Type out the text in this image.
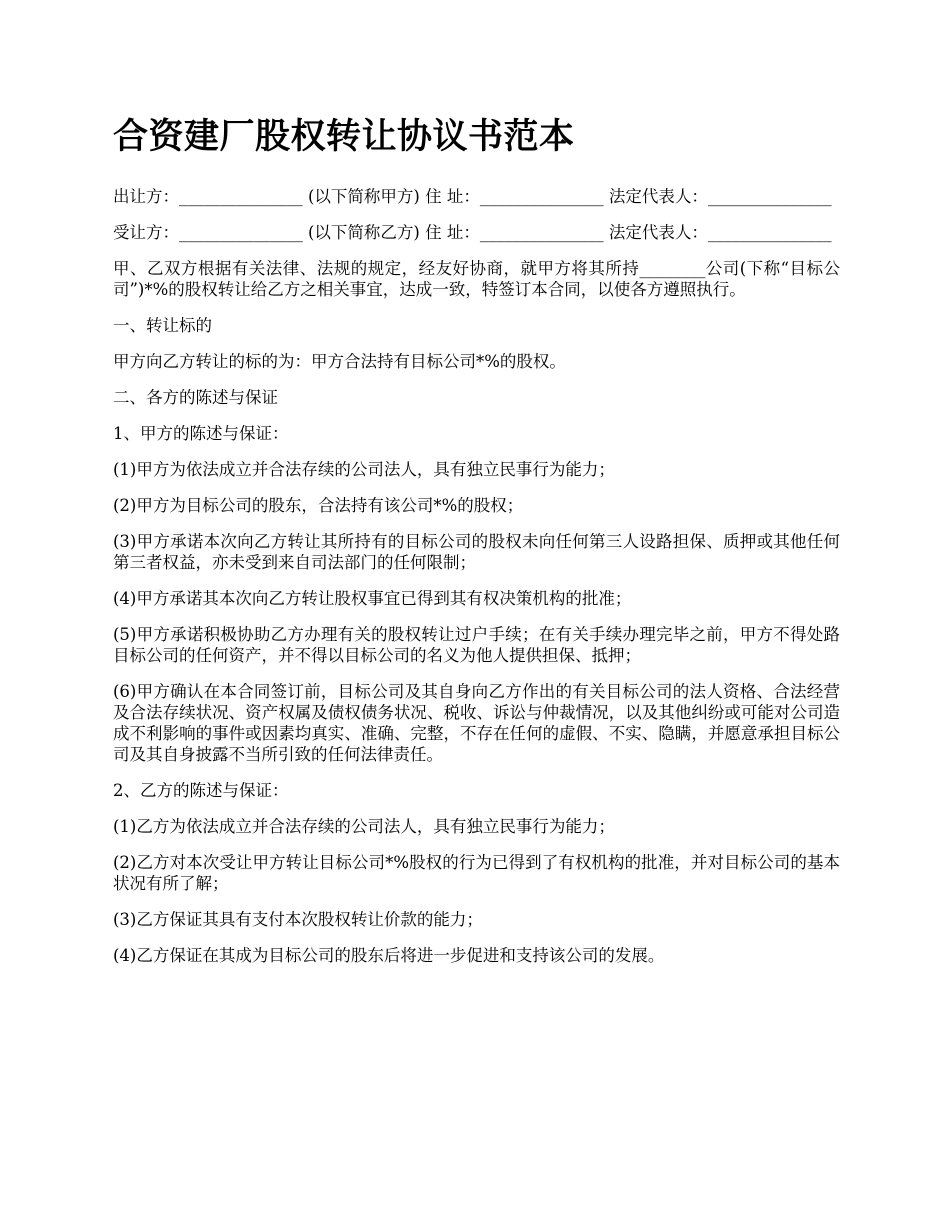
合资建厂股权转让协议书范本

出让方：_______________ (以下简称甲方) 住 址：_______________ 法定代表人：_______________

受让方：_______________ (以下简称乙方) 住 址：_______________ 法定代表人：_______________

甲、乙双方根据有关法律、法规的规定，经友好协商，就甲方将其所持________公司(下称“目标公司”)*%的股权转让给乙方之相关事宜，达成一致，特签订本合同，以使各方遵照执行。

一、转让标的

甲方向乙方转让的标的为：甲方合法持有目标公司*%的股权。

二、各方的陈述与保证

1、甲方的陈述与保证：

(1)甲方为依法成立并合法存续的公司法人，具有独立民事行为能力；

(2)甲方为目标公司的股东，合法持有该公司*%的股权；

(3)甲方承诺本次向乙方转让其所持有的目标公司的股权未向任何第三人设路担保、质押或其他任何第三者权益，亦未受到来自司法部门的任何限制；

(4)甲方承诺其本次向乙方转让股权事宜已得到其有权决策机构的批准；

(5)甲方承诺积极协助乙方办理有关的股权转让过户手续；在有关手续办理完毕之前，甲方不得处路目标公司的任何资产，并不得以目标公司的名义为他人提供担保、抵押；

(6)甲方确认在本合同签订前，目标公司及其自身向乙方作出的有关目标公司的法人资格、合法经营及合法存续状况、资产权属及债权债务状况、税收、诉讼与仲裁情况，以及其他纠纷或可能对公司造成不利影响的事件或因素均真实、准确、完整，不存在任何的虚假、不实、隐瞒，并愿意承担目标公司及其自身披露不当所引致的任何法律责任。

2、乙方的陈述与保证：

(1)乙方为依法成立并合法存续的公司法人，具有独立民事行为能力；

(2)乙方对本次受让甲方转让目标公司*%股权的行为已得到了有权机构的批准，并对目标公司的基本状况有所了解；

(3)乙方保证其具有支付本次股权转让价款的能力；

(4)乙方保证在其成为目标公司的股东后将进一步促进和支持该公司的发展。
